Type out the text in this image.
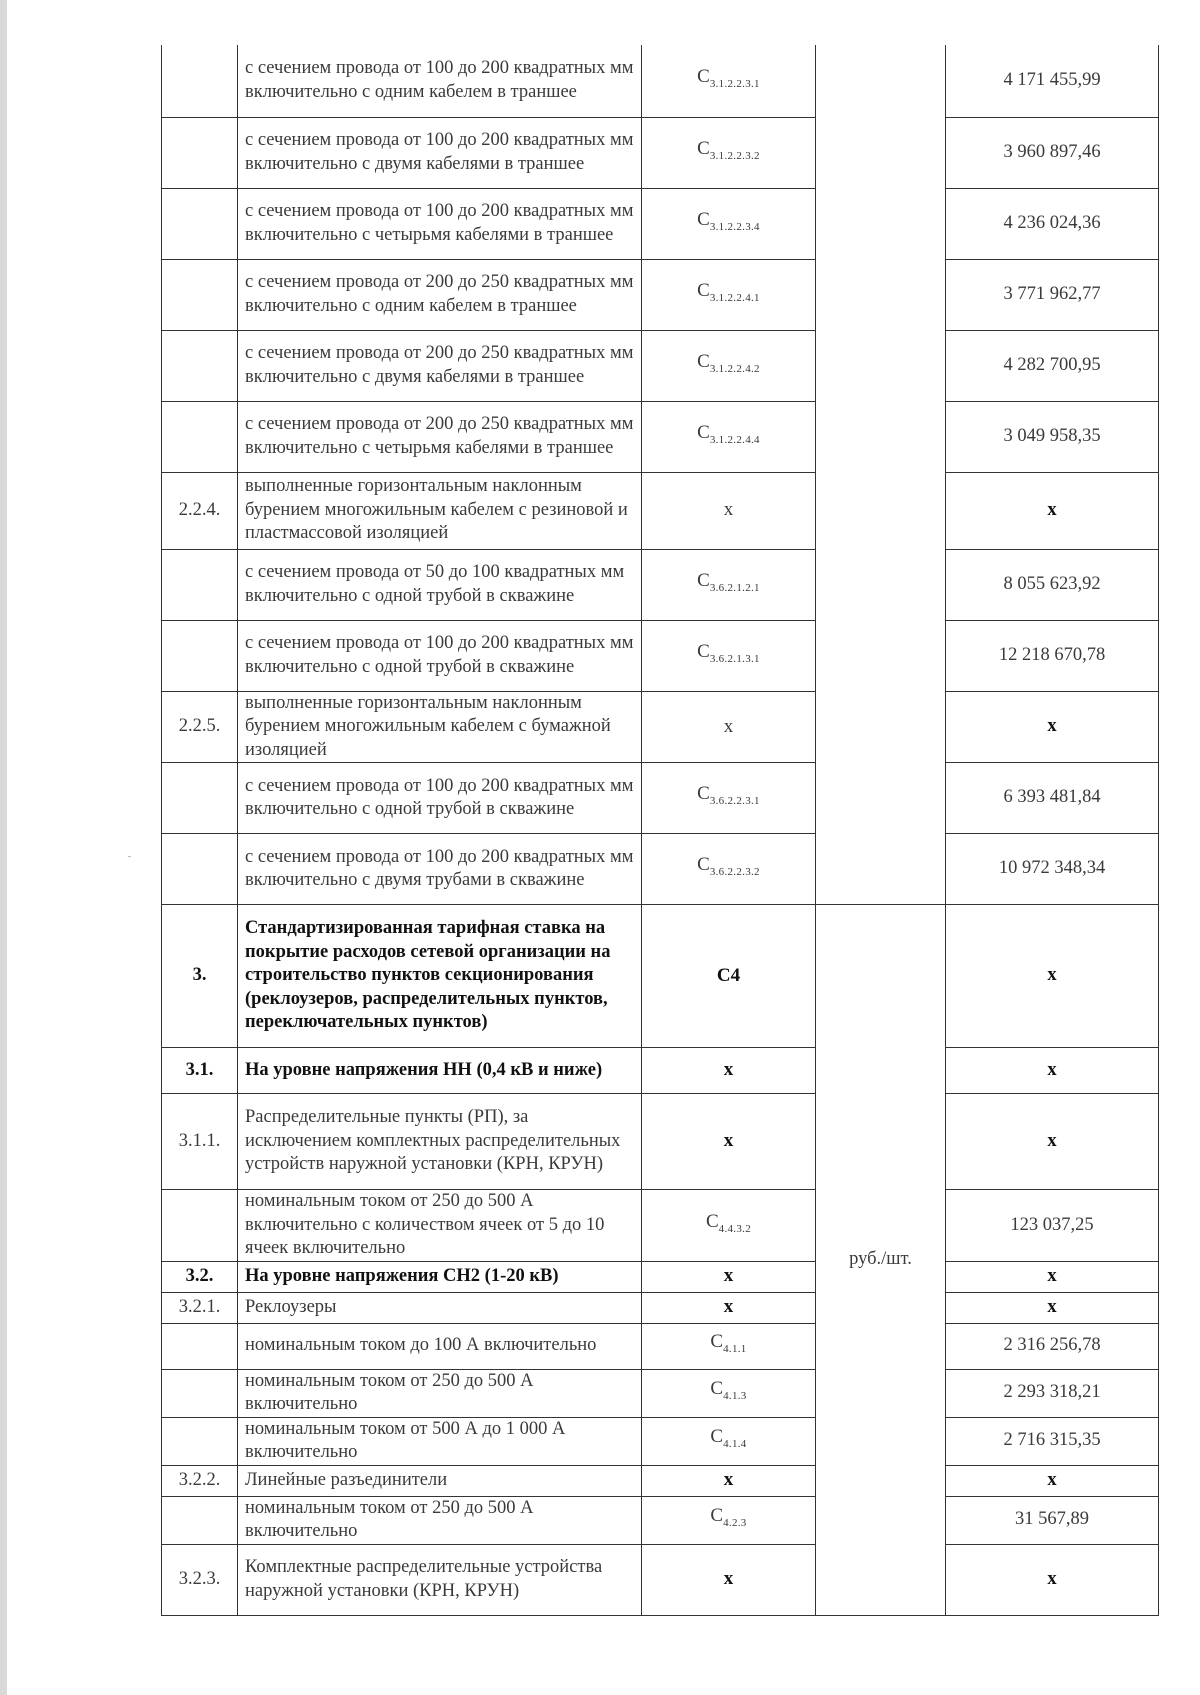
	с сечением провода от 100 до 200 квадратных мм включительно с одним кабелем в траншее	$C_{3.1.2.2.3.1}$		4 171 455,99
	с сечением провода от 100 до 200 квадратных мм включительно с двумя кабелями в траншее	$C_{3.1.2.2.3.2}$		3 960 897,46
	с сечением провода от 100 до 200 квадратных мм включительно с четырьмя кабелями в траншее	$C_{3.1.2.2.3.4}$		4 236 024,36
	с сечением провода от 200 до 250 квадратных мм включительно с одним кабелем в траншее	$C_{3.1.2.2.4.1}$		3 771 962,77
	с сечением провода от 200 до 250 квадратных мм включительно с двумя кабелями в траншее	$C_{3.1.2.2.4.2}$		4 282 700,95
	с сечением провода от 200 до 250 квадратных мм включительно с четырьмя кабелями в траншее	$C_{3.1.2.2.4.4}$		3 049 958,35
2.2.4.	выполненные горизонтальным наклонным бурением многожильным кабелем с резиновой и пластмассовой изоляцией	x		x
	с сечением провода от 50 до 100 квадратных мм включительно с одной трубой в скважине	$C_{3.6.2.1.2.1}$		8 055 623,92
	с сечением провода от 100 до 200 квадратных мм включительно с одной трубой в скважине	$C_{3.6.2.1.3.1}$		12 218 670,78
2.2.5.	выполненные горизонтальным наклонным бурением многожильным кабелем с бумажной изоляцией	x		x
	с сечением провода от 100 до 200 квадратных мм включительно с одной трубой в скважине	$C_{3.6.2.2.3.1}$		6 393 481,84
	с сечением провода от 100 до 200 квадратных мм включительно с двумя трубами в скважине	$C_{3.6.2.2.3.2}$		10 972 348,34
3.	Стандартизированная тарифная ставка на покрытие расходов сетевой организации на строительство пунктов секционирования (реклоузеров, распределительных пунктов, переключательных пунктов)	C4	руб./шт.	x
3.1.	На уровне напряжения НН (0,4 кВ и ниже)	x		x
3.1.1.	Распределительные пункты (РП), за исключением комплектных распределительных устройств наружной установки (КРН, КРУН)	x		x
	номинальным током от 250 до 500 А включительно с количеством ячеек от 5 до 10 ячеек включительно	$C_{4.4.3.2}$		123 037,25
3.2.	На уровне напряжения СН2 (1-20 кВ)	x		x
3.2.1.	Реклоузеры	x		x
	номинальным током до 100 А включительно	$C_{4.1.1}$		2 316 256,78
	номинальным током от 250 до 500 А включительно	$C_{4.1.3}$		2 293 318,21
	номинальным током от 500 А до 1 000 А включительно	$C_{4.1.4}$		2 716 315,35
3.2.2.	Линейные разъединители	x		x
	номинальным током от 250 до 500 А включительно	$C_{4.2.3}$		31 567,89
3.2.3.	Комплектные распределительные устройства наружной установки (КРН, КРУН)	x		x
